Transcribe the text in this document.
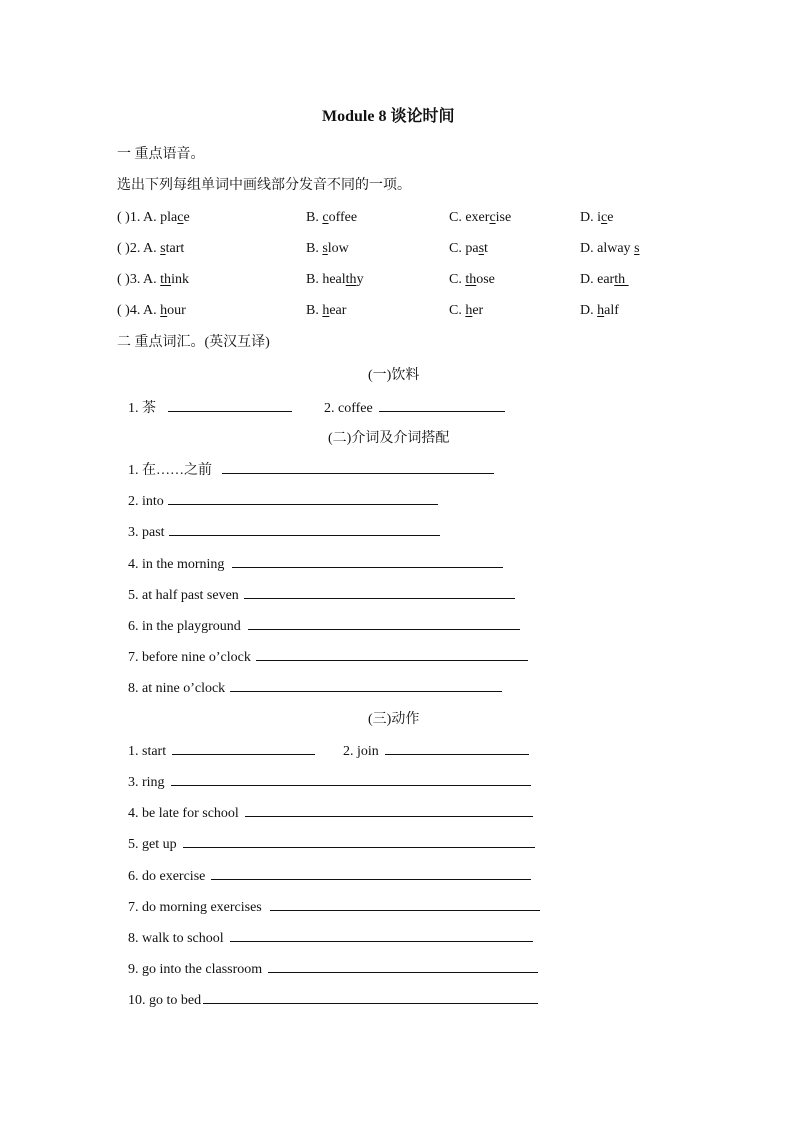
Module 8 谈论时间
一 重点语音。
选出下列每组单词中画线部分发音不同的一项。
( )1. A. place	B. coffee	C. exercise	D. ice
( )2. A. start	B. slow	C. past	D. alway s
( )3. A. think	B. healthy	C. those	D. earth
( )4. A. hour	B. hear	C. her	D. half
二 重点词汇。(英汉互译)
(一)饮料
1. 茶	2. coffee
(二)介词及介词搭配
1. 在……之前
2. into
3. past
4. in the morning
5. at half past seven
6. in the playground
7. before nine o’clock
8. at nine o’clock
(三)动作
1. start	2. join
3. ring
4. be late for school
5. get up
6. do exercise
7. do morning exercises
8. walk to school
9. go into the classroom
10. go to bed
